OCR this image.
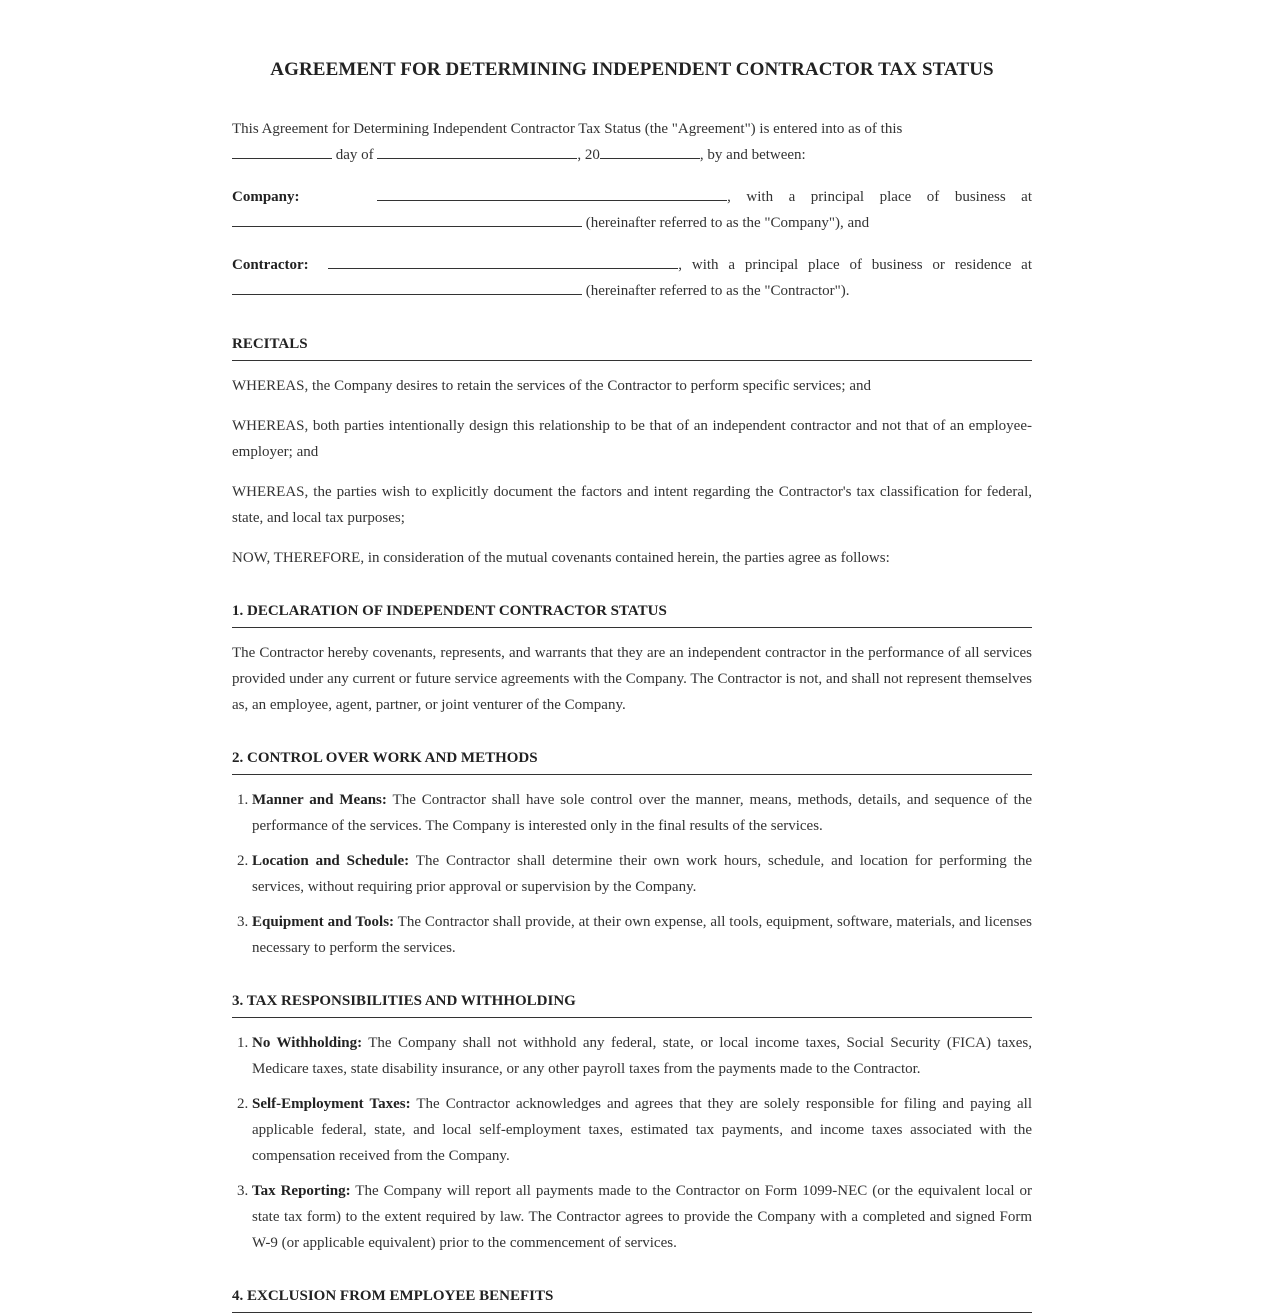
AGREEMENT FOR DETERMINING INDEPENDENT CONTRACTOR TAX STATUS

This Agreement for Determining Independent Contractor Tax Status (the "Agreement") is entered into as of this
day of	, 20	, by and between:

Company:	, with a principal place of business at  (hereinafter referred to as the "Company"), and

Contractor:	, with a principal place of business or residence at  (hereinafter referred to as the "Contractor").

RECITALS

WHEREAS, the Company desires to retain the services of the Contractor to perform specific services; and

WHEREAS, both parties intentionally design this relationship to be that of an independent contractor and not that of an employee-employer; and

WHEREAS, the parties wish to explicitly document the factors and intent regarding the Contractor's tax classification for federal, state, and local tax purposes;

NOW, THEREFORE, in consideration of the mutual covenants contained herein, the parties agree as follows:

1. DECLARATION OF INDEPENDENT CONTRACTOR STATUS

The Contractor hereby covenants, represents, and warrants that they are an independent contractor in the performance of all services provided under any current or future service agreements with the Company. The Contractor is not, and shall not represent themselves as, an employee, agent, partner, or joint venturer of the Company.

2. CONTROL OVER WORK AND METHODS
1. Manner and Means: The Contractor shall have sole control over the manner, means, methods, details, and sequence of the performance of the services. The Company is interested only in the final results of the services.
2. Location and Schedule: The Contractor shall determine their own work hours, schedule, and location for performing the services, without requiring prior approval or supervision by the Company.
3. Equipment and Tools: The Contractor shall provide, at their own expense, all tools, equipment, software, materials, and licenses necessary to perform the services.
3. TAX RESPONSIBILITIES AND WITHHOLDING
1. No Withholding: The Company shall not withhold any federal, state, or local income taxes, Social Security (FICA) taxes, Medicare taxes, state disability insurance, or any other payroll taxes from the payments made to the Contractor.
2. Self-Employment Taxes: The Contractor acknowledges and agrees that they are solely responsible for filing and paying all applicable federal, state, and local self-employment taxes, estimated tax payments, and income taxes associated with the compensation received from the Company.
3. Tax Reporting: The Company will report all payments made to the Contractor on Form 1099-NEC (or the equivalent local or state tax form) to the extent required by law. The Contractor agrees to provide the Company with a completed and signed Form W-9 (or applicable equivalent) prior to the commencement of services.
4. EXCLUSION FROM EMPLOYEE BENEFITS
